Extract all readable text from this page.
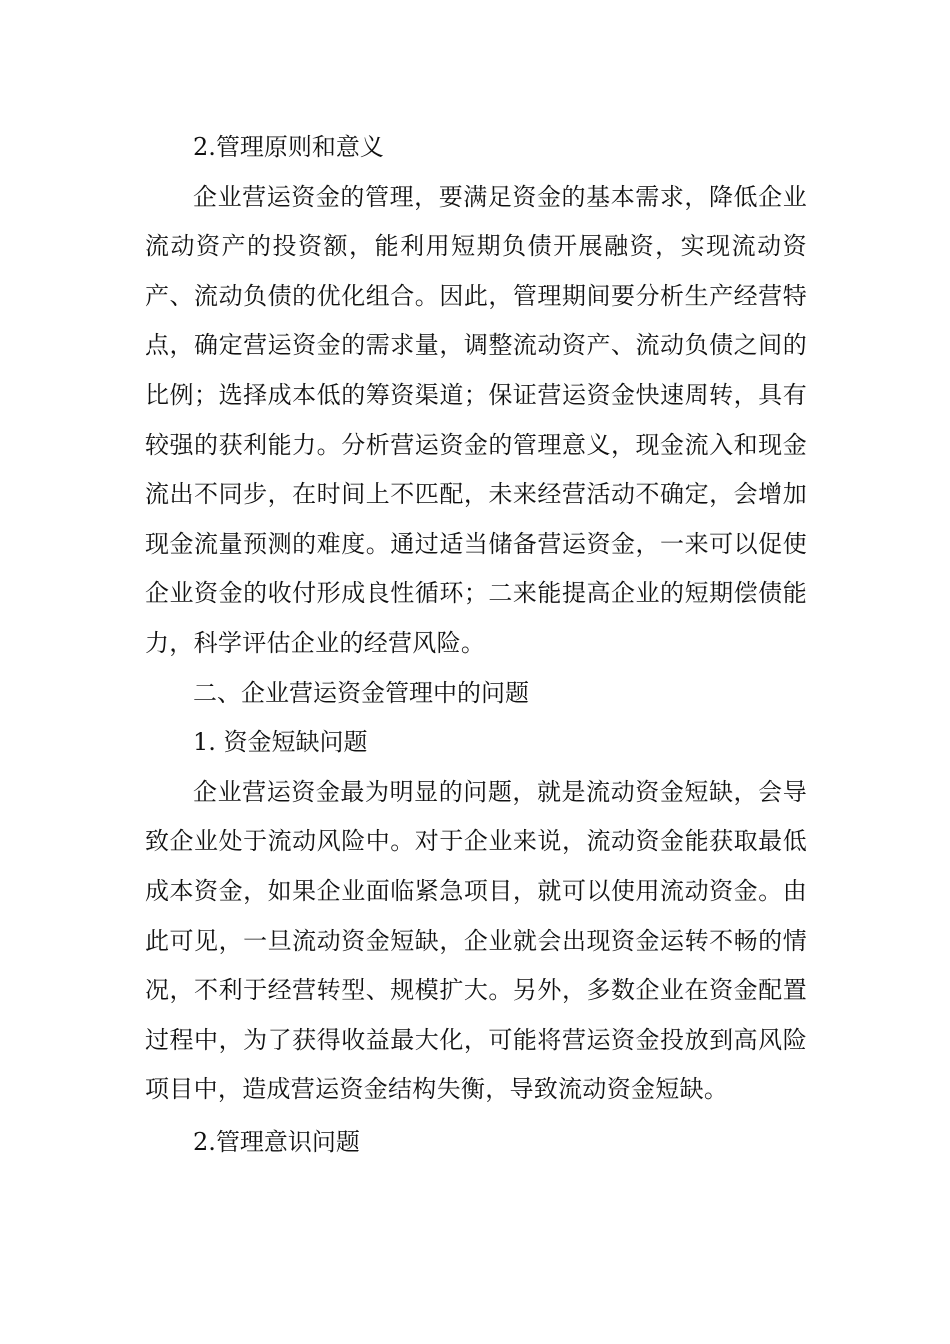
2.管理原则和意义

企业营运资金的管理，要满足资金的基本需求，降低企业流动资产的投资额，能利用短期负债开展融资，实现流动资产、流动负债的优化组合。因此，管理期间要分析生产经营特点，确定营运资金的需求量，调整流动资产、流动负债之间的比例；选择成本低的筹资渠道；保证营运资金快速周转，具有较强的获利能力。分析营运资金的管理意义，现金流入和现金流出不同步，在时间上不匹配，未来经营活动不确定，会增加现金流量预测的难度。通过适当储备营运资金，一来可以促使企业资金的收付形成良性循环；二来能提高企业的短期偿债能力，科学评估企业的经营风险。

二、企业营运资金管理中的问题

1. 资金短缺问题

企业营运资金最为明显的问题，就是流动资金短缺，会导致企业处于流动风险中。对于企业来说，流动资金能获取最低成本资金，如果企业面临紧急项目，就可以使用流动资金。由此可见，一旦流动资金短缺，企业就会出现资金运转不畅的情况，不利于经营转型、规模扩大。另外，多数企业在资金配置过程中，为了获得收益最大化，可能将营运资金投放到高风险项目中，造成营运资金结构失衡，导致流动资金短缺。

2.管理意识问题
